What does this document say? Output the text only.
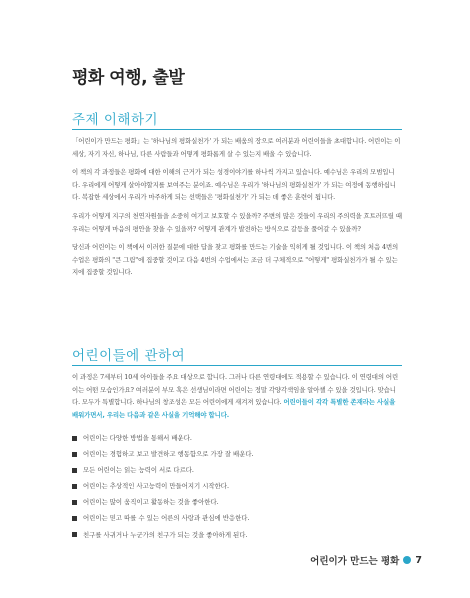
평화 여행, 출발
주제 이해하기

「어린이가 만드는 평화」는 '하나님의 평화실천가' 가 되는 배움의 장으로 여러분과 어린이들을 초대합니다. 어린이는 이 세상, 자기 자신, 하나님, 다른 사람들과 어떻게 평화롭게 살 수 있는지 배울 수 있습니다.

이 책의 각 과정들은 평화에 대한 이해의 근거가 되는 성경이야기를 하나씩 가지고 있습니다. 예수님은 우리의 모범입니다. 우리에게 어떻게 살아야할지를 보여주는 분이죠. 예수님은 우리가 '하나님의 평화실천가' 가 되는 여정에 동행하십니다. 복잡한 세상에서 우리가 마주하게 되는 선택들은 '평화실천가' 가 되는 데 좋은 훈련이 됩니다.

우리가 어떻게 지구의 천연자원들을 소중히 여기고 보호할 수 있을까? 주변의 많은 것들이 우리의 주의력을 흐트러뜨릴 때 우리는 어떻게 마음의 평안을 찾을 수 있을까? 어떻게 관계가 발전하는 방식으로 갈등을 풀어갈 수 있을까?

당신과 어린이는 이 책에서 이러한 질문에 대한 답을 찾고 평화를 만드는 기술을 익히게 될 것입니다. 이 책의 처음 4번의 수업은 평화의 "큰 그림"에 집중할 것이고 다음 4번의 수업에서는 조금 더 구체적으로 "어떻게" 평화실천가가 될 수 있는지에 집중할 것입니다.

어린이들에 관하여

이 과정은 7세부터 10세 아이들을 주요 대상으로 합니다. 그러나 다른 연령대에도 적용할 수 있습니다. 이 연령대의 어린이는 어떤 모습인가요? 여러분이 부모 혹은 선생님이라면 어린이는 정말 각양각색임을 알아챌 수 있을 것입니다. 맞습니다. 모두가 특별합니다. 하나님의 창조성은 모든 어린이에게 새겨져 있습니다. 어린이들이 각각 특별한 존재라는 사실을 배워가면서, 우리는 다음과 같은 사실을 기억해야 합니다.

어린이는 다양한 방법을 통해서 배운다.
어린이는 경험하고 보고 발견하고 행동함으로 가장 잘 배운다.
모든 어린이는 읽는 능력이 서로 다르다.
어린이는 추상적인 사고능력이 만들어지기 시작한다.
어린이는 많이 움직이고 활동하는 것을 좋아한다.
어린이는 믿고 따를 수 있는 어른의 사랑과 관심에 반응한다.
친구를 사귀거나 누군가의 친구가 되는 것을 좋아하게 된다.
어린이가 만드는 평화 7
